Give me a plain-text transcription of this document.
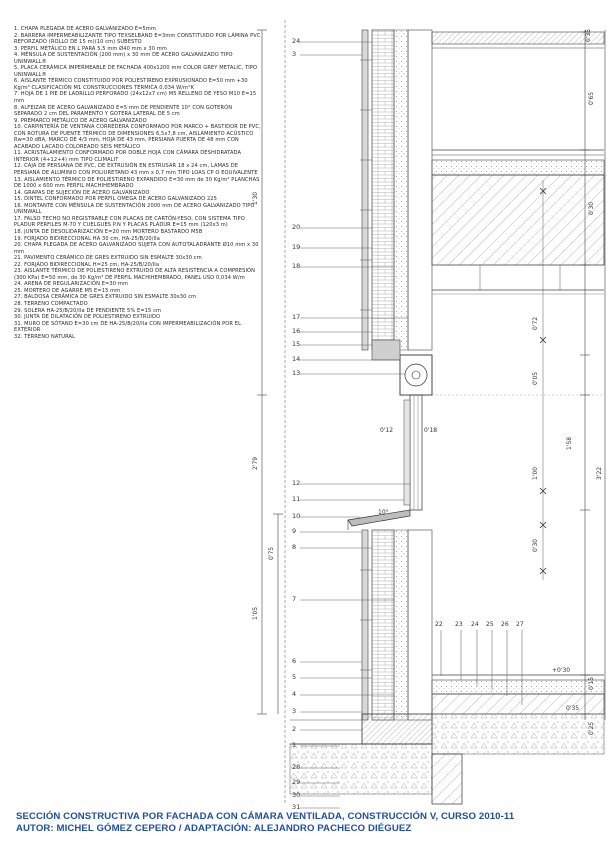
24
3
20
19
18
17
16
15
14
13
12
11
10
9
8
7
6
5
4
3
2
1
28
29
30
31
22 23 24 25 26 27
0'35
0'65
0'30
0'72
0'05
1'00
1'58
0'30
0'15
0'25
3'22
1'30
2'79
1'05
0'75
0'12	0'18
10°
+0'30
0'35
1. CHAPA PLEGADA DE ACERO GALVANIZADO E=5mm
2. BARRERA IMPERMEABILIZANTE TIPO TEXSELBAND E=3mm CONSTITUIDO POR LÁMINA PVC REFORZADO (ROLLO DE 15 m)(10 cm) SUBESTO
3. PERFIL METÁLICO EN L PARA 5,5 mm Ø40 mm x 30 mm
4. MÉNSULA DE SUSTENTACIÓN (200 mm) x 30 mm DE ACERO GALVANIZADO TIPO UNINWALL®
5. PLACA CERÁMICA IMPERMEABLE DE FACHADA 400x1200 mm COLOR GREY METALIC, TIPO UNINWALL®
6. AISLANTE TÉRMICO CONSTITUIDO POR POLIESTIRENO EXPRUSIONADO E=50 mm +30 Kg/m³ CLASIFICACIÓN M1 CONSTRUCCIONES TÉRMICA 0,034 W/m°K
7. HOJA DE 1 PIE DE LADRILLO PERFORADO (24x12x7 cm) M5 RELLENO DE YESO M10 E=15 mm
8. ALFEIZAR DE ACERO GALVANIZADO E=5 mm DE PENDIENTE 10° CON GOTERÓN SEPARADO 2 cm DEL PARAMENTO Y GOTERA LATERAL DE 5 cm
9. PREMARCO METÁLICO DE ACERO GALVANIZADO
10. CARPINTERÍA DE VENTANA CORREDERA CONFORMADO POR MARCO + BASTIDOR DE PVC, CON ROTURA DE PUENTE TÉRMICO DE DIMENSIONES 6,5x7,8 cm, AISLAMIENTO ACÚSTICO Rw=30 dBA, MARCO DE 4/3 mm, HOJA DE 43 mm, PERSIANA PUERTA DE 48 mm CON ACABADO LACADO COLOREADO SEIS METÁLICO
11. ACRISTALAMIENTO CONFORMADO POR DOBLE HOJA CON CÁMARA DESHIDRATADA INTERIOR (4+12+4) mm TIPO CLIMALIT
12. CAJA DE PERSIANA DE PVC, DE EXTRUSIÓN EN ESTRUSAR 18 x 24 cm, LAMAS DE PERSIANA DE ALUMINIO CON POLIURETANO 43 mm x 0,7 mm TIPO LOAS CP O EQUIVALENTE
13. AISLAMIENTO TÉRMICO DE POLIESTIRENO EXPANDIDO E=30 mm de 30 Kg/m³ PLANCHAS DE 1000 x 600 mm PERFIL MACHIHEMBRADO
14. GRAPAS DE SUJECIÓN DE ACERO GALVANIZADO
15. DINTEL CONFORMADO POR PERFIL OMEGA DE ACERO GALVANIZADO 225
16. MONTANTE CON MÉNSULA DE SUSTENTACIÓN 2000 mm DE ACERO GALVANIZADO TIPO UNINWALL
17. FALSO TECHO NO REGISTRABLE CON PLACAS DE CARTÓN-YESO, CON SISTEMA TIPO PLADUR PERFILES M-70 Y CUELGUES P.N Y PLACAS PLADUR E=15 mm (120x3 m)
18. JUNTA DE DESOLIDARIZACIÓN E=20 mm MORTERO BASTARDO M5B
19. FORJADO BIDIRECCIONAL HA 30 cm, HA-25/B/20/IIa
20. CHAPA PLEGADA DE ACERO GALVANIZADO SUJETA CON AUTOTALADRANTE Ø10 mm x 30 mm
21. PAVIMENTO CERÁMICO DE GRES EXTRUIDO SIN ESMALTE 30x30 cm
22. FORJADO BIDIRECCIONAL H=25 cm, HA-25/B/20/IIa
23. AISLANTE TÉRMICO DE POLIESTIRENO EXTRUIDO DE ALTA RESISTENCIA A COMPRESIÓN (300 KPa) E=50 mm, de 30 Kg/m³ DE PERFIL MACHIHEMBRADO, PANEL USO 0,034 W/m
24. ARENA DE REGULARIZACIÓN E=30 mm
25. MORTERO DE AGARRE M5 E=15 mm
27. BALDOSA CERÁMICA DE GRES EXTRUIDO SIN ESMALTE 30x30 cm
28. TERRENO COMPACTADO
29. SOLERA HA-25/B/20/IIa DE PENDIENTE 5% E=15 cm
30. JUNTA DE DILATACIÓN DE POLIESTIRENO EXTRUIDO
31. MURO DE SÓTANO E=30 cm DE HA-25/B/20/IIa CON IMPERMEABILIZACIÓN POR EL EXTERIOR
32. TERRENO NATURAL
SECCIÓN CONSTRUCTIVA POR FACHADA CON CÁMARA VENTILADA, CONSTRUCCIÓN V, CURSO 2010-11
AUTOR: MICHEL GÓMEZ CEPERO / ADAPTACIÓN: ALEJANDRO PACHECO DIÉGUEZ
